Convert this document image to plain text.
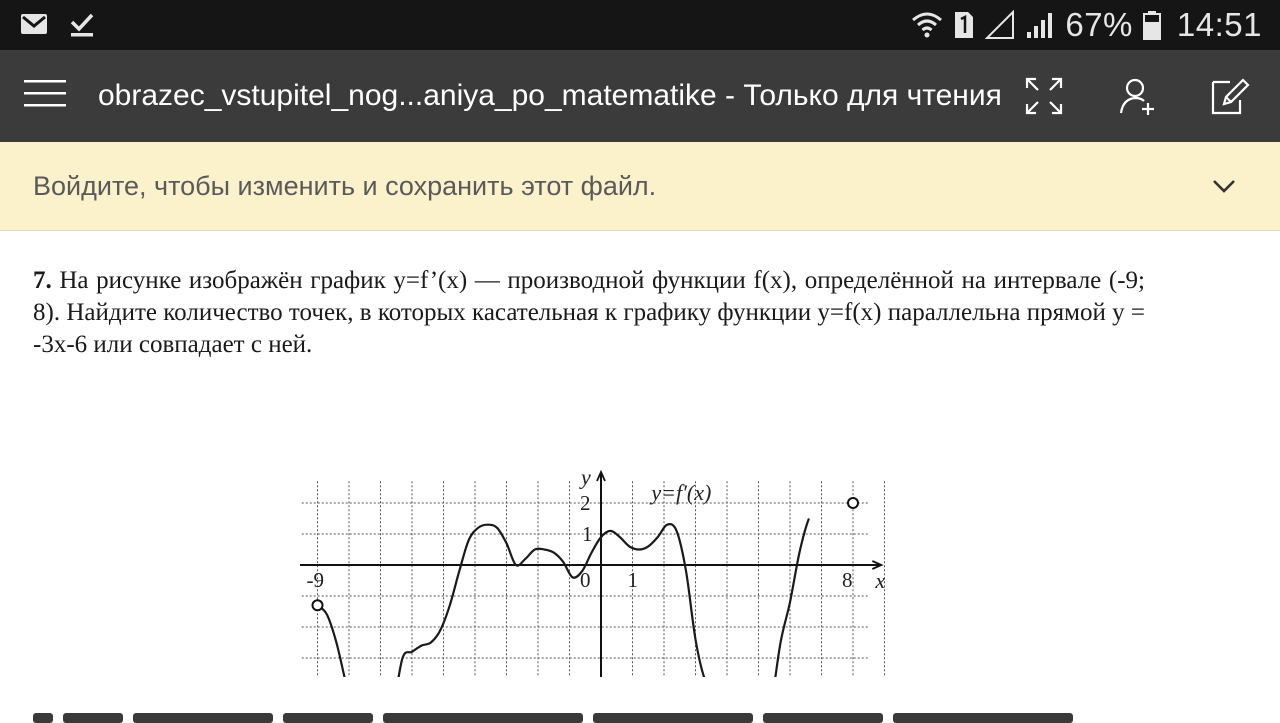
67% 14:51
obrazec_vstupitel_nog...aniya_po_matematike - Только для чтения
Войдите, чтобы изменить и сохранить этот файл.
7. На рисунке изображён график y=f’(x) — производной функции f(x), определённой на интервале (-9; 8). Найдите количество точек, в которых касательная к графику функции y=f(x) параллельна прямой y = -3x-6 или совпадает с ней.
-9	0 1	8
2
1
y
x
y=f′(x)
